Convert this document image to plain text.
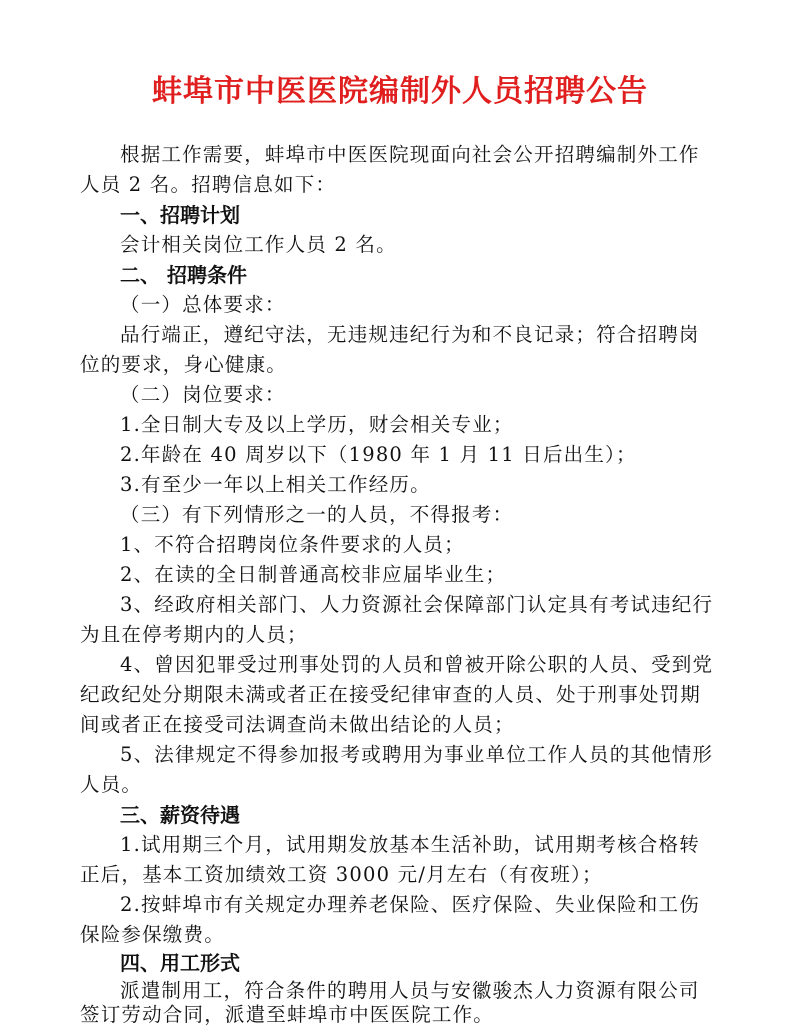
蚌埠市中医医院编制外人员招聘公告
根据工作需要，蚌埠市中医医院现面向社会公开招聘编制外工作
人员 2 名。招聘信息如下：
一、招聘计划
会计相关岗位工作人员 2 名。
二、 招聘条件
（一）总体要求：
品行端正，遵纪守法，无违规违纪行为和不良记录；符合招聘岗
位的要求，身心健康。
（二）岗位要求：
1.全日制大专及以上学历，财会相关专业；
2.年龄在 40 周岁以下（1980 年 1 月 11 日后出生）；
3.有至少一年以上相关工作经历。
（三）有下列情形之一的人员，不得报考：
1、不符合招聘岗位条件要求的人员；
2、在读的全日制普通高校非应届毕业生；
3、经政府相关部门、人力资源社会保障部门认定具有考试违纪行
为且在停考期内的人员；
4、曾因犯罪受过刑事处罚的人员和曾被开除公职的人员、受到党
纪政纪处分期限未满或者正在接受纪律审查的人员、处于刑事处罚期
间或者正在接受司法调查尚未做出结论的人员；
5、法律规定不得参加报考或聘用为事业单位工作人员的其他情形
人员。
三、薪资待遇
1.试用期三个月，试用期发放基本生活补助，试用期考核合格转
正后，基本工资加绩效工资 3000 元/月左右（有夜班）；
2.按蚌埠市有关规定办理养老保险、医疗保险、失业保险和工伤
保险参保缴费。
四、用工形式
派遣制用工，符合条件的聘用人员与安徽骏杰人力资源有限公司
签订劳动合同，派遣至蚌埠市中医医院工作。
